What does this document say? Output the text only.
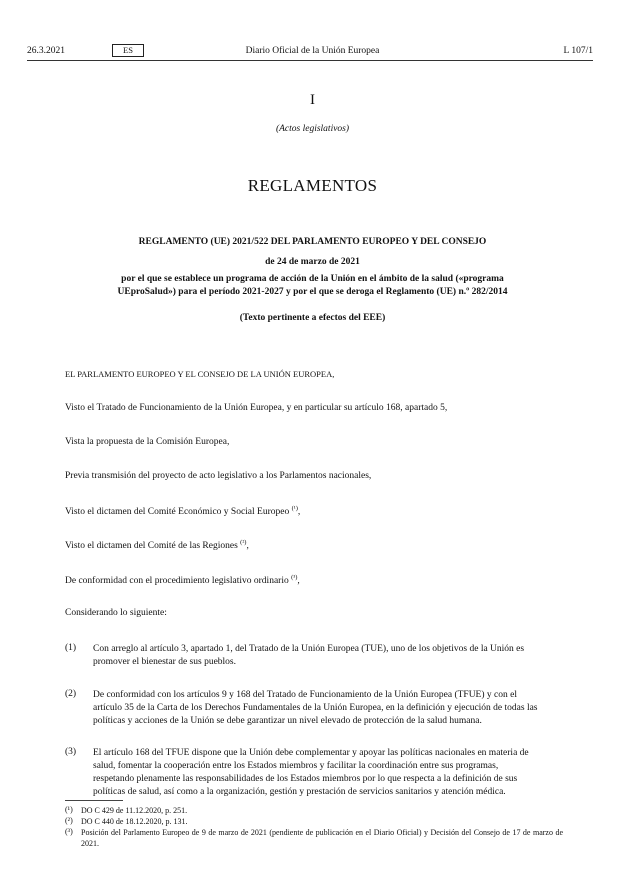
26.3.2021	ES	Diario Oficial de la Unión Europea	L 107/1
I
(Actos legislativos)
REGLAMENTOS
REGLAMENTO (UE) 2021/522 DEL PARLAMENTO EUROPEO Y DEL CONSEJO
de 24 de marzo de 2021
por el que se establece un programa de acción de la Unión en el ámbito de la salud («programa
UEproSalud») para el período 2021-2027 y por el que se deroga el Reglamento (UE) n.º 282/2014
(Texto pertinente a efectos del EEE)
EL PARLAMENTO EUROPEO Y EL CONSEJO DE LA UNIÓN EUROPEA,
Visto el Tratado de Funcionamiento de la Unión Europea, y en particular su artículo 168, apartado 5,
Vista la propuesta de la Comisión Europea,
Previa transmisión del proyecto de acto legislativo a los Parlamentos nacionales,
Visto el dictamen del Comité Económico y Social Europeo $^{(^1)}$,
Visto el dictamen del Comité de las Regiones $^{(^2)}$,
De conformidad con el procedimiento legislativo ordinario $^{(^3)}$,
Considerando lo siguiente:
(1) Con arreglo al artículo 3, apartado 1, del Tratado de la Unión Europea (TUE), uno de los objetivos de la Unión es
promover el bienestar de sus pueblos.
(2) De conformidad con los artículos 9 y 168 del Tratado de Funcionamiento de la Unión Europea (TFUE) y con el
artículo 35 de la Carta de los Derechos Fundamentales de la Unión Europea, en la definición y ejecución de todas las
políticas y acciones de la Unión se debe garantizar un nivel elevado de protección de la salud humana.
(3) El artículo 168 del TFUE dispone que la Unión debe complementar y apoyar las políticas nacionales en materia de
salud, fomentar la cooperación entre los Estados miembros y facilitar la coordinación entre sus programas,
respetando plenamente las responsabilidades de los Estados miembros por lo que respecta a la definición de sus
políticas de salud, así como a la organización, gestión y prestación de servicios sanitarios y atención médica.
(¹) DO C 429 de 11.12.2020, p. 251.
(²) DO C 440 de 18.12.2020, p. 131.
(³) Posición del Parlamento Europeo de 9 de marzo de 2021 (pendiente de publicación en el Diario Oficial) y Decisión del Consejo de 17 de marzo de 2021.
